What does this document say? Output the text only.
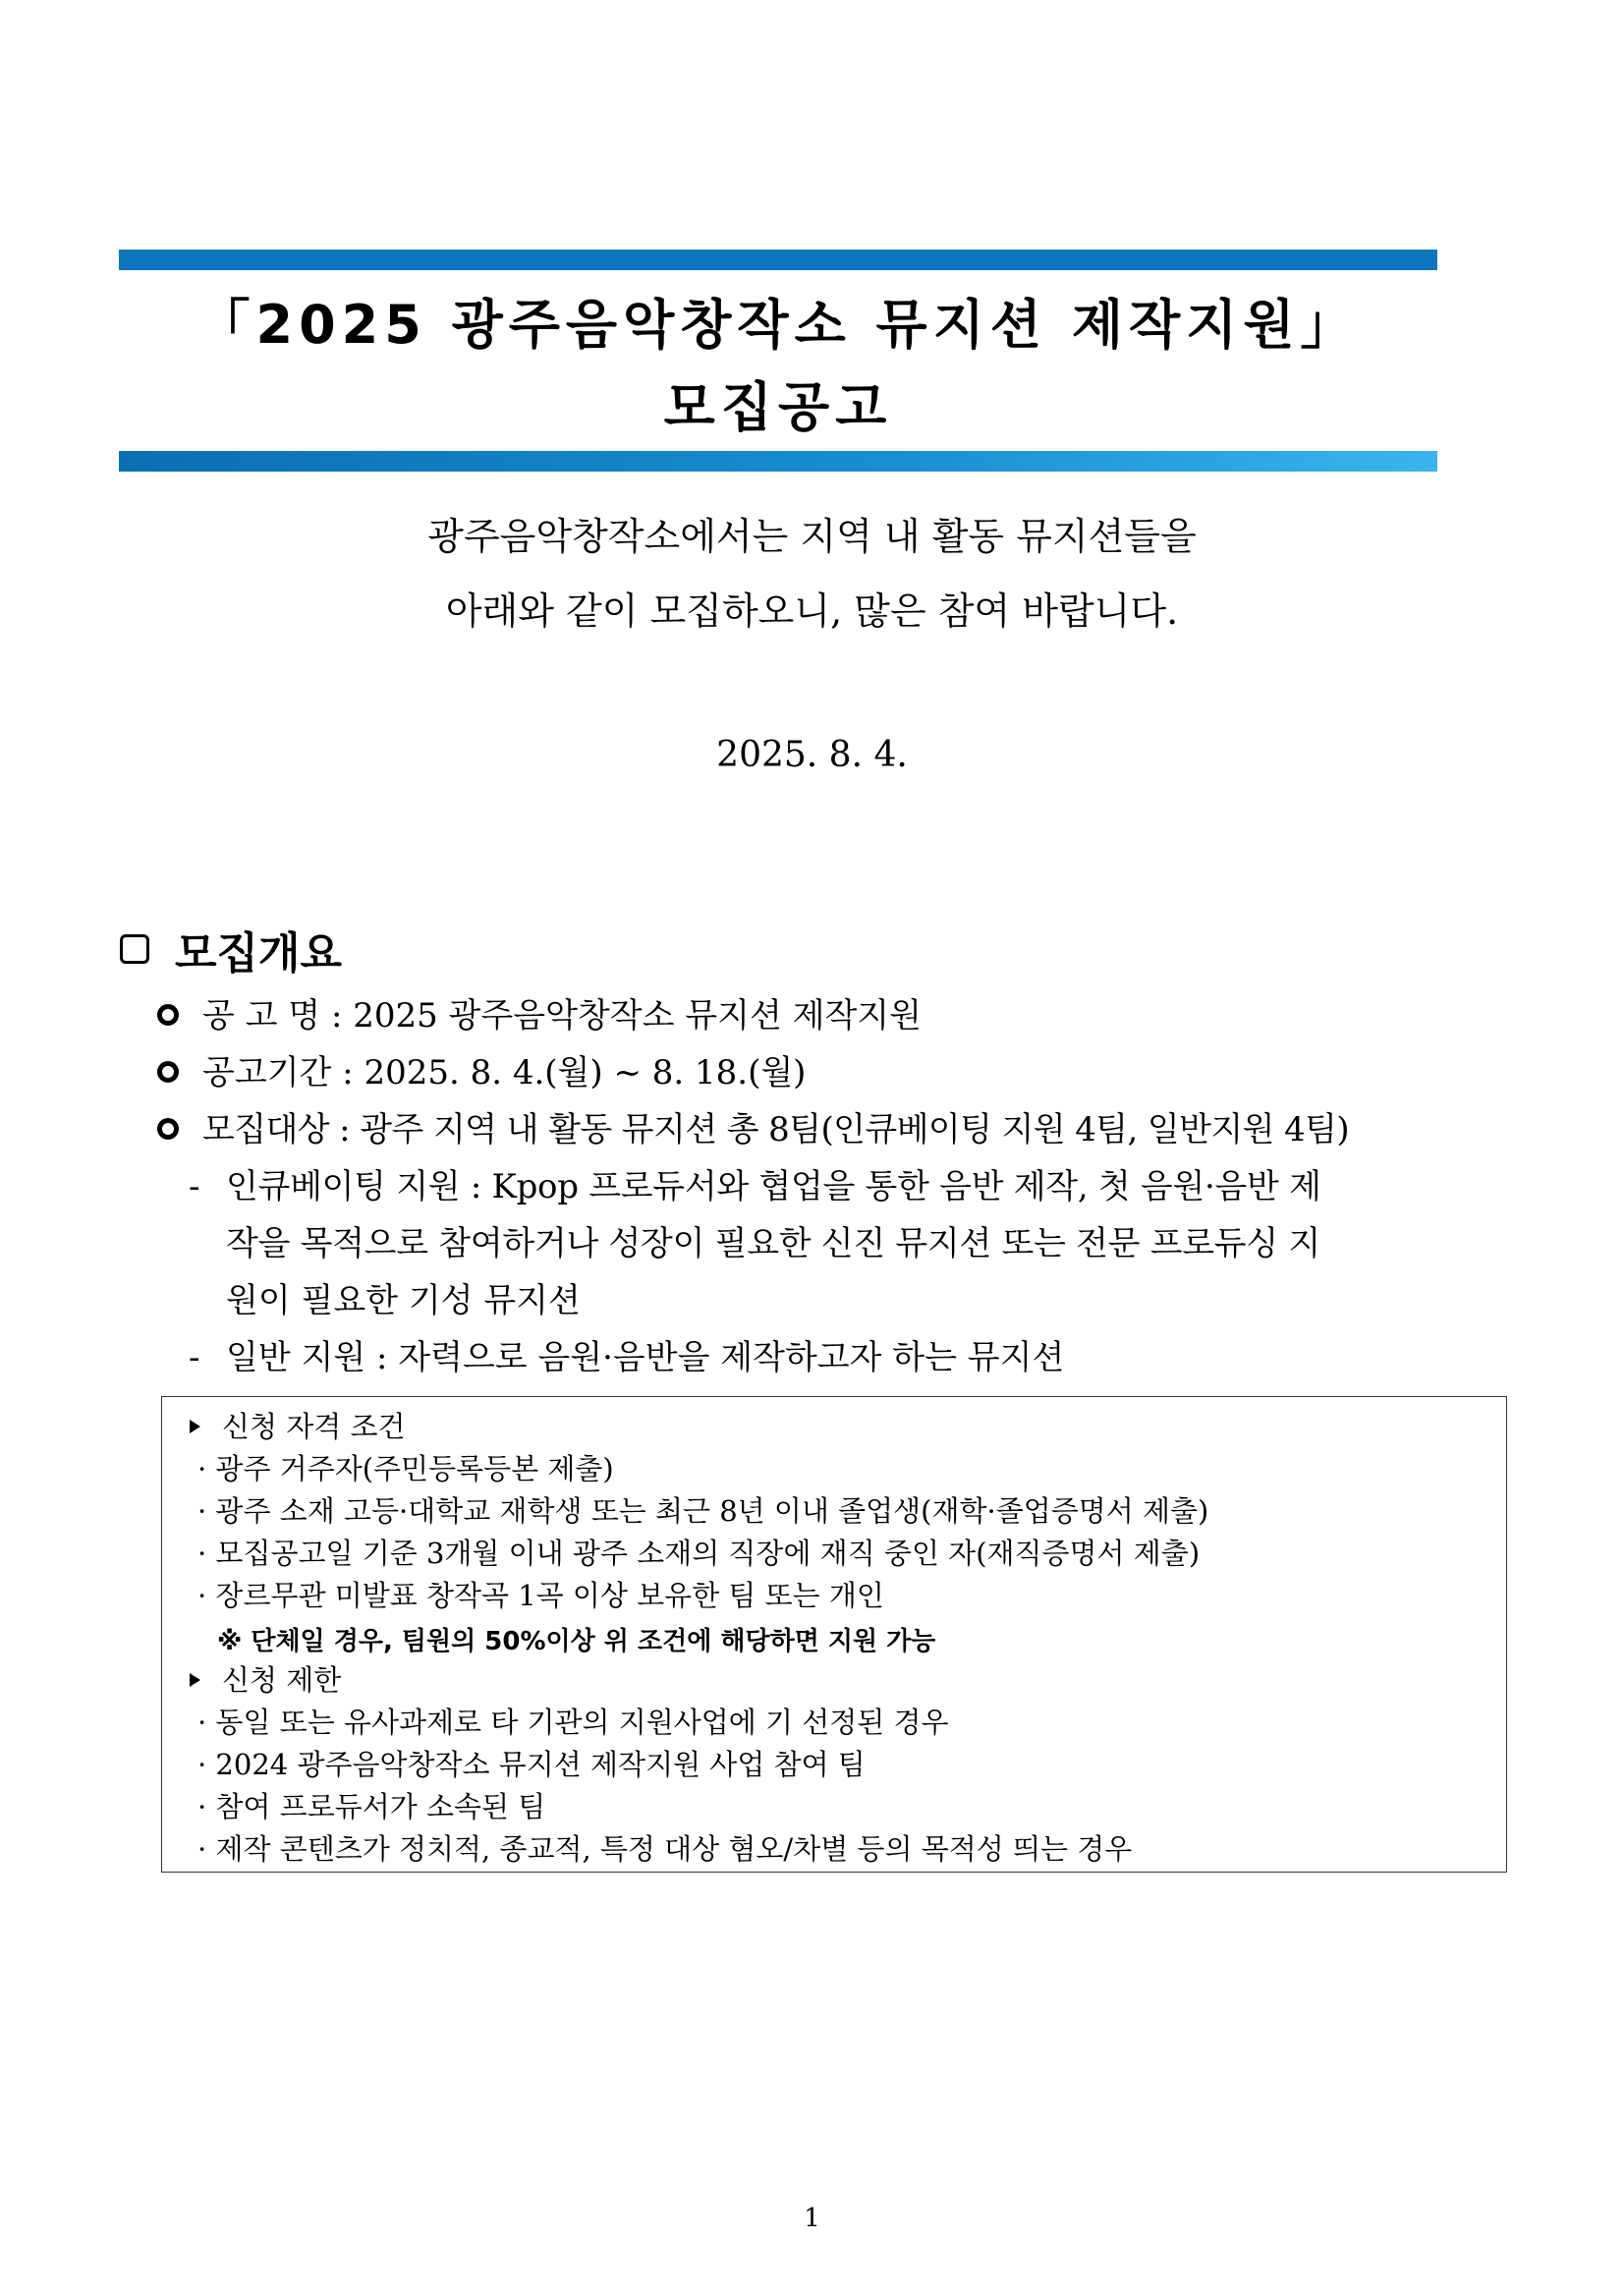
「2025 광주음악창작소 뮤지션 제작지원」
모집공고
광주음악창작소에서는 지역 내 활동 뮤지션들을
아래와 같이 모집하오니, 많은 참여 바랍니다.
2025. 8. 4.
모집개요
공 고 명 : 2025 광주음악창작소 뮤지션 제작지원
공고기간 : 2025. 8. 4.(월) ~ 8. 18.(월)
모집대상 : 광주 지역 내 활동 뮤지션 총 8팀(인큐베이팅 지원 4팀, 일반지원 4팀)
- 인큐베이팅 지원 : Kpop 프로듀서와 협업을 통한 음반 제작, 첫 음원·음반 제
작을 목적으로 참여하거나 성장이 필요한 신진 뮤지션 또는 전문 프로듀싱 지
원이 필요한 기성 뮤지션
- 일반 지원 : 자력으로 음원·음반을 제작하고자 하는 뮤지션
신청 자격 조건
· 광주 거주자(주민등록등본 제출)
· 광주 소재 고등·대학교 재학생 또는 최근 8년 이내 졸업생(재학·졸업증명서 제출)
· 모집공고일 기준 3개월 이내 광주 소재의 직장에 재직 중인 자(재직증명서 제출)
· 장르무관 미발표 창작곡 1곡 이상 보유한 팀 또는 개인
※ 단체일 경우, 팀원의 50%이상 위 조건에 해당하면 지원 가능
신청 제한
· 동일 또는 유사과제로 타 기관의 지원사업에 기 선정된 경우
· 2024 광주음악창작소 뮤지션 제작지원 사업 참여 팀
· 참여 프로듀서가 소속된 팀
· 제작 콘텐츠가 정치적, 종교적, 특정 대상 혐오/차별 등의 목적성 띄는 경우
1
